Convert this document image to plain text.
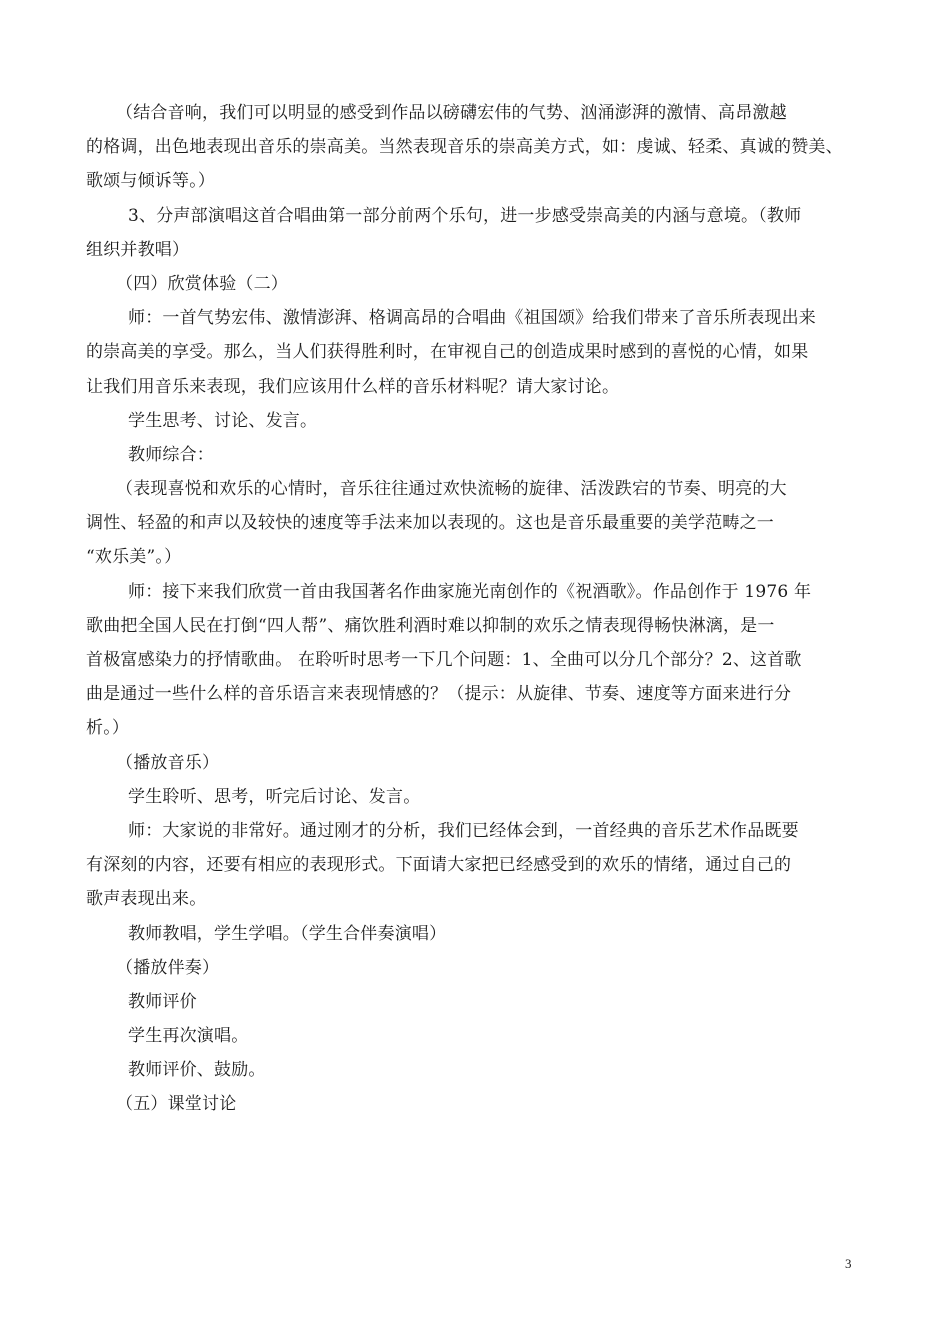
（结合音响，我们可以明显的感受到作品以磅礴宏伟的气势、汹涌澎湃的激情、高昂激越
的格调，出色地表现出音乐的崇高美。当然表现音乐的崇高美方式，如：虔诚、轻柔、真诚的赞美、
歌颂与倾诉等。）
3、分声部演唱这首合唱曲第一部分前两个乐句，进一步感受崇高美的内涵与意境。（教师
组织并教唱）
（四）欣赏体验（二）
师：一首气势宏伟、激情澎湃、格调高昂的合唱曲《祖国颂》给我们带来了音乐所表现出来
的崇高美的享受。那么，当人们获得胜利时，在审视自己的创造成果时感到的喜悦的心情，如果
让我们用音乐来表现，我们应该用什么样的音乐材料呢？请大家讨论。
学生思考、讨论、发言。
教师综合：
（表现喜悦和欢乐的心情时，音乐往往通过欢快流畅的旋律、活泼跌宕的节奏、明亮的大
调性、轻盈的和声以及较快的速度等手法来加以表现的。这也是音乐最重要的美学范畴之一
“欢乐美”。）
师：接下来我们欣赏一首由我国著名作曲家施光南创作的《祝酒歌》。作品创作于 1976 年
歌曲把全国人民在打倒“四人帮”、痛饮胜利酒时难以抑制的欢乐之情表现得畅快淋漓，是一
首极富感染力的抒情歌曲。 在聆听时思考一下几个问题：1、全曲可以分几个部分？2、这首歌
曲是通过一些什么样的音乐语言来表现情感的？（提示：从旋律、节奏、速度等方面来进行分
析。）
（播放音乐）
学生聆听、思考，听完后讨论、发言。
师：大家说的非常好。通过刚才的分析，我们已经体会到，一首经典的音乐艺术作品既要
有深刻的内容，还要有相应的表现形式。下面请大家把已经感受到的欢乐的情绪，通过自己的
歌声表现出来。
教师教唱，学生学唱。（学生合伴奏演唱）
（播放伴奏）
教师评价
学生再次演唱。
教师评价、鼓励。
（五）课堂讨论
3
